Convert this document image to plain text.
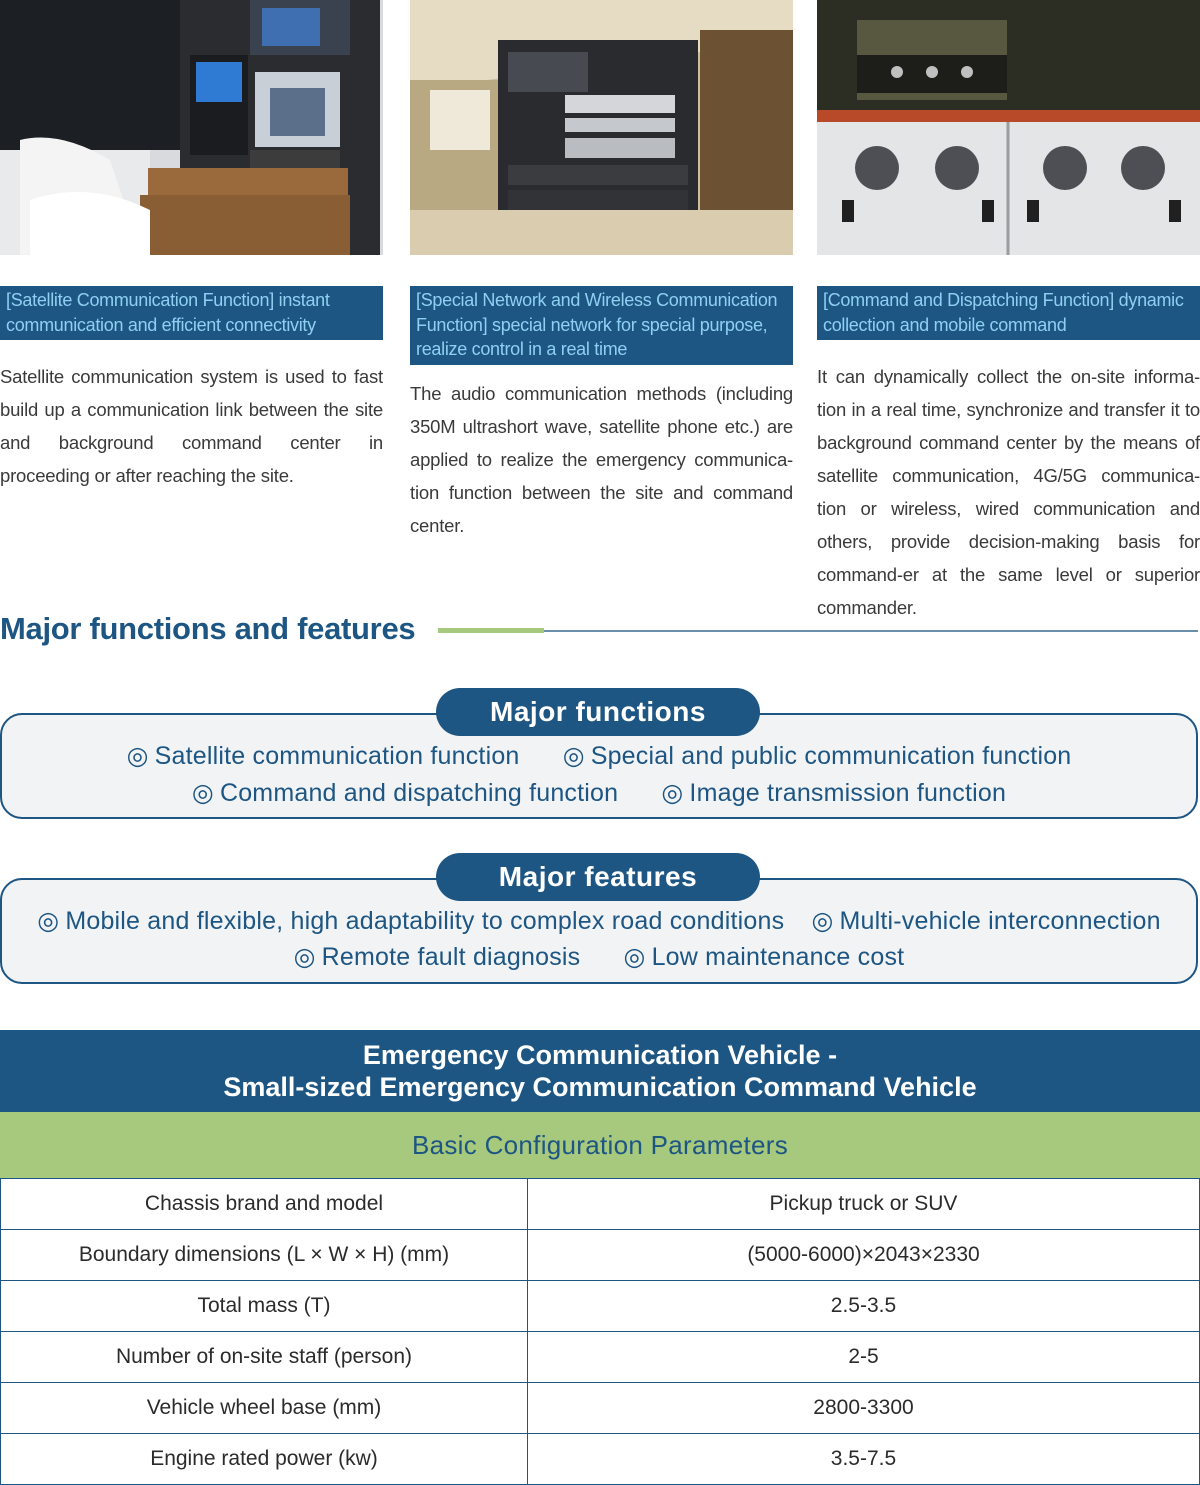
[Satellite Communication Function] instant communication and efficient connectivity
Satellite communication system is used to fast build up a communication link between the site and background command center in proceeding or after reaching the site.
[Special Network and Wireless Communication Function] special network for special purpose, realize control in a real time
The audio communication methods (including 350M ultrashort wave, satellite phone etc.) are applied to realize the emergency communica-tion function between the site and command center.
[Command and Dispatching Function] dynamic collection and mobile command
It can dynamically collect the on-site informa-tion in a real time, synchronize and transfer it to background command center by the means of satellite communication, 4G/5G communica-tion or wireless, wired communication and others, provide decision-making basis for command-er at the same level or superior commander.
Major functions and features
◎ Satellite communication function	◎ Special and public communication function
◎ Command and dispatching function	◎ Image transmission function
Major functions
◎ Mobile and flexible, high adaptability to complex road conditions ◎ Multi-vehicle interconnection
◎ Remote fault diagnosis	◎ Low maintenance cost
Major features
Emergency Communication Vehicle -
Small-sized Emergency Communication Command Vehicle
Basic Configuration Parameters
Chassis brand and model	Pickup truck or SUV
Boundary dimensions (L × W × H) (mm)	(5000-6000)×2043×2330
Total mass (T)	2.5-3.5
Number of on-site staff (person)	2-5
Vehicle wheel base (mm)	2800-3300
Engine rated power (kw)	3.5-7.5
